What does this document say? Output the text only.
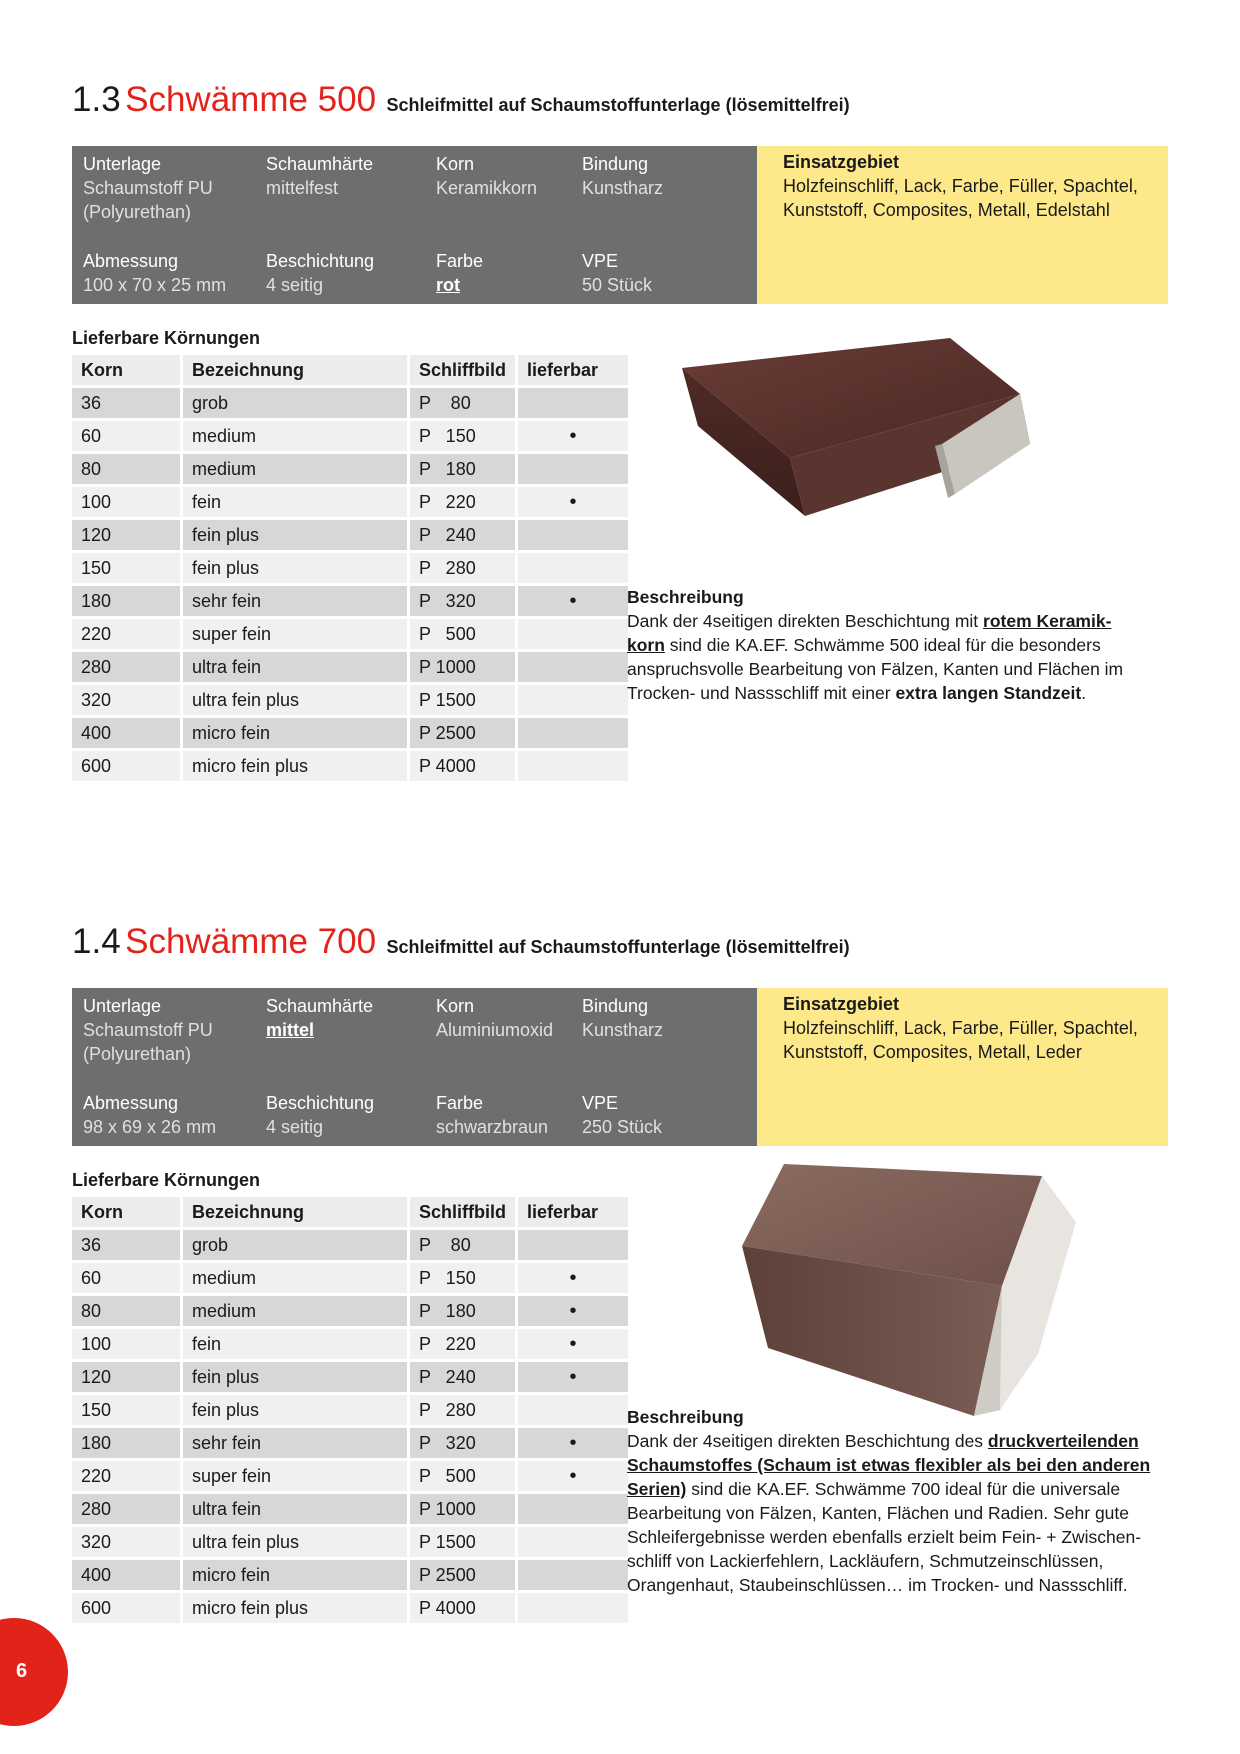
1.3 Schwämme 500 Schleifmittel auf Schaumstoffunterlage (lösemittelfrei)
Unterlage
Schaumstoff PU
(Polyurethan)
Schaumhärte
mittelfest
Korn
Keramikkorn
Bindung
Kunstharz
Abmessung
100 x 70 x 25 mm
Beschichtung
4 seitig
Farbe
rot
VPE
50 Stück
Einsatzgebiet
Holzfeinschliff, Lack, Farbe, Füller, Spachtel,
Kunststoff, Composites, Metall, Edelstahl
Lieferbare Körnungen
Korn	Bezeichnung	Schliffbild	lieferbar
36	grob	P    80	
60	medium	P   150	•
80	medium	P   180	
100	fein	P   220	•
120	fein plus	P   240	
150	fein plus	P   280	
180	sehr fein	P   320	•
220	super fein	P   500	
280	ultra fein	P 1000	
320	ultra fein plus	P 1500	
400	micro fein	P 2500	
600	micro fein plus	P 4000	
Beschreibung
Dank der 4seitigen direkten Beschichtung mit rotem Keramik-
korn sind die KA.EF. Schwämme 500 ideal für die besonders
anspruchsvolle Bearbeitung von Fälzen, Kanten und Flächen im
Trocken- und Nassschliff mit einer extra langen Standzeit.
1.4 Schwämme 700 Schleifmittel auf Schaumstoffunterlage (lösemittelfrei)
Unterlage
Schaumstoff PU
(Polyurethan)
Schaumhärte
mittel
Korn
Aluminiumoxid
Bindung
Kunstharz
Abmessung
98 x 69 x 26 mm
Beschichtung
4 seitig
Farbe
schwarzbraun
VPE
250 Stück
Einsatzgebiet
Holzfeinschliff, Lack, Farbe, Füller, Spachtel,
Kunststoff, Composites, Metall, Leder
Lieferbare Körnungen
Korn	Bezeichnung	Schliffbild	lieferbar
36	grob	P    80	
60	medium	P   150	•
80	medium	P   180	•
100	fein	P   220	•
120	fein plus	P   240	•
150	fein plus	P   280	
180	sehr fein	P   320	•
220	super fein	P   500	•
280	ultra fein	P 1000	
320	ultra fein plus	P 1500	
400	micro fein	P 2500	
600	micro fein plus	P 4000	
Beschreibung
Dank der 4seitigen direkten Beschichtung des druckverteilenden
Schaumstoffes (Schaum ist etwas flexibler als bei den anderen
Serien) sind die KA.EF. Schwämme 700 ideal für die universale
Bearbeitung von Fälzen, Kanten, Flächen und Radien. Sehr gute
Schleifergebnisse werden ebenfalls erzielt beim Fein- + Zwischen-
schliff von Lackierfehlern, Lackläufern, Schmutzeinschlüssen,
Orangenhaut, Staubeinschlüssen… im Trocken- und Nassschliff.
6
